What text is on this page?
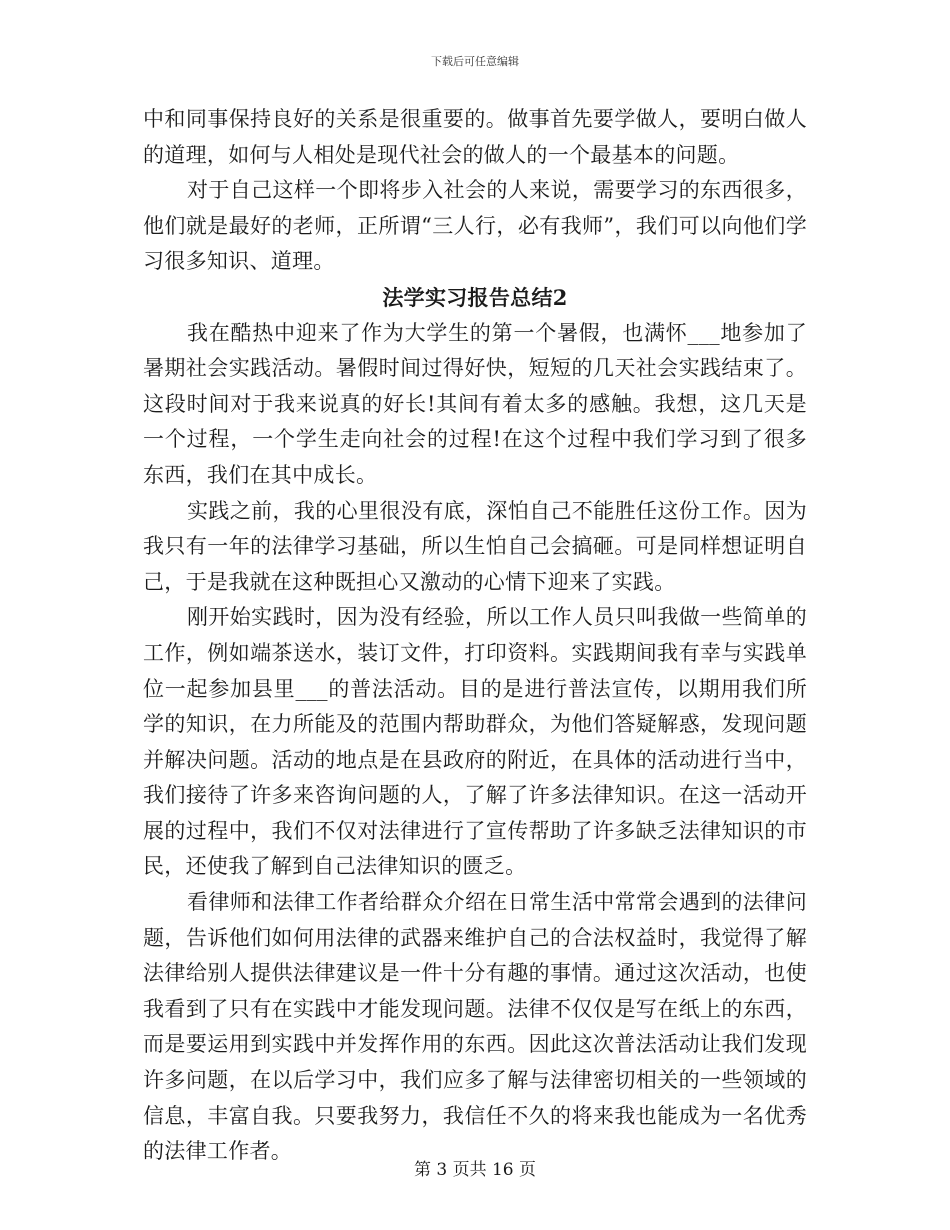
下载后可任意编辑

中和同事保持良好的关系是很重要的。做事首先要学做人，要明白做人的道理，如何与人相处是现代社会的做人的一个最基本的问题。

对于自己这样一个即将步入社会的人来说，需要学习的东西很多，他们就是最好的老师，正所谓“三人行，必有我师”，我们可以向他们学习很多知识、道理。

法学实习报告总结2

我在酷热中迎来了作为大学生的第一个暑假，也满怀___地参加了暑期社会实践活动。暑假时间过得好快，短短的几天社会实践结束了。这段时间对于我来说真的好长!其间有着太多的感触。我想，这几天是一个过程，一个学生走向社会的过程!在这个过程中我们学习到了很多东西，我们在其中成长。

实践之前，我的心里很没有底，深怕自己不能胜任这份工作。因为我只有一年的法律学习基础，所以生怕自己会搞砸。可是同样想证明自己，于是我就在这种既担心又激动的心情下迎来了实践。

刚开始实践时，因为没有经验，所以工作人员只叫我做一些简单的工作，例如端茶送水，装订文件，打印资料。实践期间我有幸与实践单位一起参加县里___的普法活动。目的是进行普法宣传，以期用我们所学的知识，在力所能及的范围内帮助群众，为他们答疑解惑，发现问题并解决问题。活动的地点是在县政府的附近，在具体的活动进行当中，我们接待了许多来咨询问题的人，了解了许多法律知识。在这一活动开展的过程中，我们不仅对法律进行了宣传帮助了许多缺乏法律知识的市民，还使我了解到自己法律知识的匮乏。

看律师和法律工作者给群众介绍在日常生活中常常会遇到的法律问题，告诉他们如何用法律的武器来维护自己的合法权益时，我觉得了解法律给别人提供法律建议是一件十分有趣的事情。通过这次活动，也使我看到了只有在实践中才能发现问题。法律不仅仅是写在纸上的东西，而是要运用到实践中并发挥作用的东西。因此这次普法活动让我们发现许多问题，在以后学习中，我们应多了解与法律密切相关的一些领域的信息，丰富自我。只要我努力，我信任不久的将来我也能成为一名优秀的法律工作者。

第 3 页共 16 页
